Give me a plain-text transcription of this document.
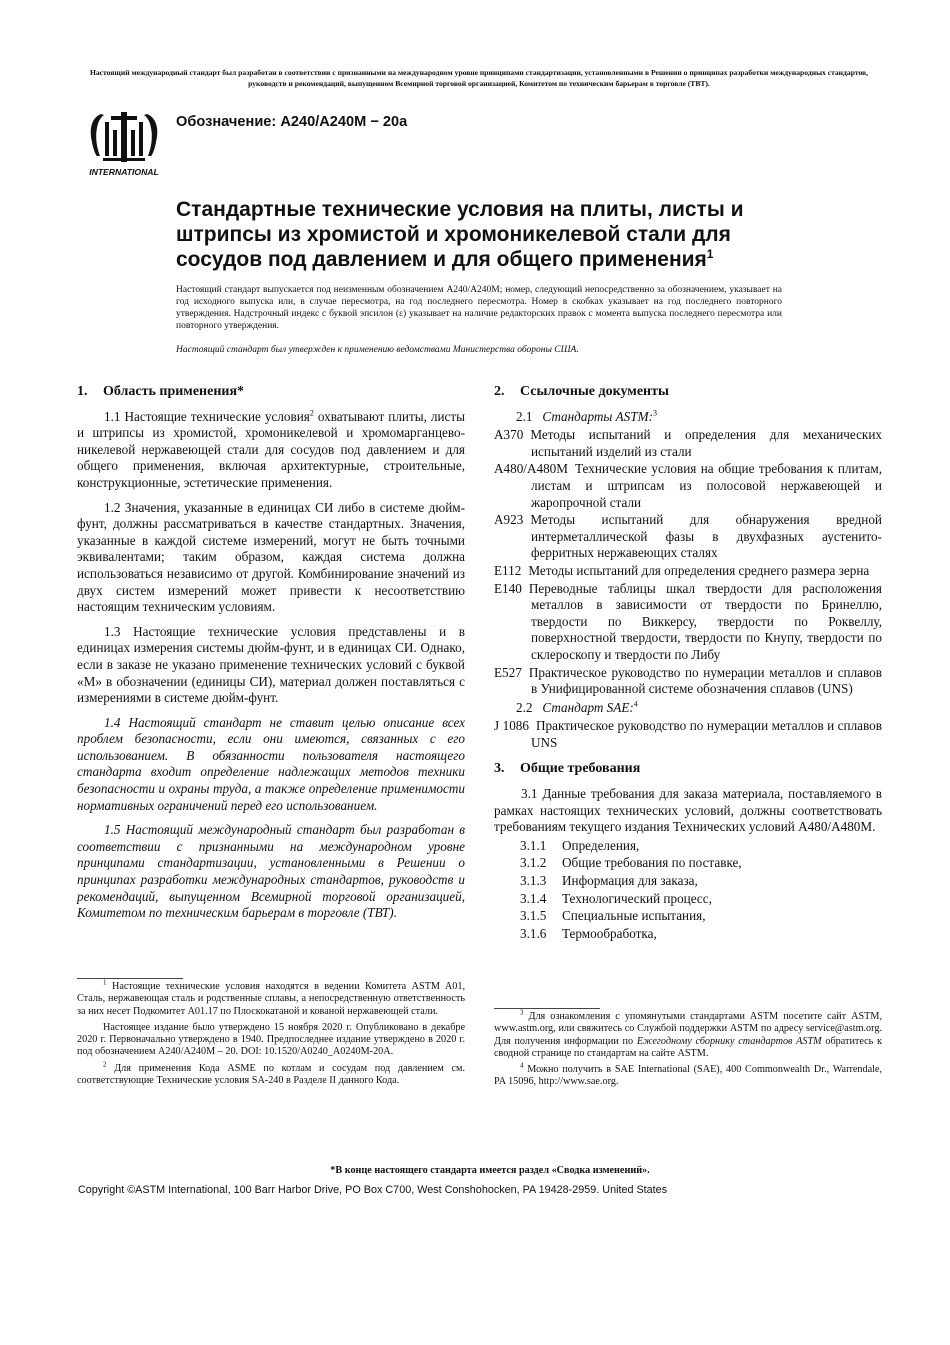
Настоящий международный стандарт был разработан в соответствии с признанными на международном уровне принципами стандартизации, установленными в Решении о принципах разработки международных стандартов, руководств и рекомендаций, выпущенном Всемирной торговой организацией, Комитетом по техническим барьерам в торговле (ТВТ).
INTERNATIONAL
Обозначение: A240/A240M − 20a
Стандартные технические условия на плиты, листы и штрипсы из хромистой и хромоникелевой стали для сосудов под давлением и для общего применения$^1$
Настоящий стандарт выпускается под неизменным обозначением A240/A240M; номер, следующий непосредственно за обозначением, указывает на год исходного выпуска или, в случае пересмотра, на год последнего пересмотра. Номер в скобках указывает на год последнего повторного утверждения. Надстрочный индекс с буквой эпсилон (ε) указывает на наличие редакторских правок с момента выпуска последнего пересмотра или повторного утверждения.
Настоящий стандарт был утвержден к применению ведомствами Министерства обороны США.
1. Область применения*

1.1 Настоящие технические условия$^2$ охватывают плиты, листы и штрипсы из хромистой, хромоникелевой и хромомарганцево-никелевой нержавеющей стали для сосудов под давлением и для общего применения, включая архитектурные, строительные, конструкционные, эстетические применения.

1.2 Значения, указанные в единицах СИ либо в системе дюйм-фунт, должны рассматриваться в качестве стандартных. Значения, указанные в каждой системе измерений, могут не быть точными эквивалентами; таким образом, каждая система должна использоваться независимо от другой. Комбинирование значений из двух систем измерений может привести к несоответствию настоящим техническим условиям.

1.3 Настоящие технические условия представлены и в единицах измерения системы дюйм-фунт, и в единицах СИ. Однако, если в заказе не указано применение технических условий с буквой «М» в обозначении (единицы СИ), материал должен поставляться с измерениями в системе дюйм-фунт.

1.4 Настоящий стандарт не ставит целью описание всех проблем безопасности, если они имеются, связанных с его использованием. В обязанности пользователя настоящего стандарта входит определение надлежащих методов техники безопасности и охраны труда, а также определение применимости нормативных ограничений перед его использованием.

1.5 Настоящий международный стандарт был разработан в соответствии с признанными на международном уровне принципами стандартизации, установленными в Решении о принципах разработки международных стандартов, руководств и рекомендаций, выпущенном Всемирной торговой организацией, Комитетом по техническим барьерам в торговле (ТВТ).

2. Ссылочные документы
2.1 Стандарты ASTM:$^3$
A370 Методы испытаний и определения для механических испытаний изделий из стали
A480/A480M Технические условия на общие требования к плитам, листам и штрипсам из полосовой нержавеющей и жаропрочной стали
A923 Методы испытаний для обнаружения вредной интерметаллической фазы в двухфазных аустенито-ферритных нержавеющих сталях
E112 Методы испытаний для определения среднего размера зерна
E140 Переводные таблицы шкал твердости для расположения металлов в зависимости от твердости по Бринеллю, твердости по Виккерсу, твердости по Роквеллу, поверхностной твердости, твердости по Кнупу, твердости по склероскопу и твердости по Либу
E527 Практическое руководство по нумерации металлов и сплавов в Унифицированной системе обозначения сплавов (UNS)
2.2 Стандарт SAE:$^4$
J 1086 Практическое руководство по нумерации металлов и сплавов UNS
3. Общие требования

3.1 Данные требования для заказа материала, поставляемого в рамках настоящих технических условий, должны соответствовать требованиям текущего издания Технических условий A480/A480M.

3.1.1 Определения,
3.1.2 Общие требования по поставке,
3.1.3 Информация для заказа,
3.1.4 Технологический процесс,
3.1.5 Специальные испытания,
3.1.6 Термообработка,

$^1$ Настоящие технические условия находятся в ведении Комитета ASTM A01, Сталь, нержавеющая сталь и родственные сплавы, а непосредственную ответственность за них несет Подкомитет A01.17 по Плоскокатаной и кованой нержавеющей стали.

Настоящее издание было утверждено 15 ноября 2020 г. Опубликовано в декабре 2020 г. Первоначально утверждено в 1940. Предпоследнее издание утверждено в 2020 г. под обозначением A240/A240M – 20. DOI: 10.1520/A0240_A0240M-20A.

$^2$ Для применения Кода ASME по котлам и сосудам под давлением см. соответствующие Технические условия SA-240 в Разделе II данного Кода.

$^3$ Для ознакомления с упомянутыми стандартами ASTM посетите сайт ASTM, www.astm.org, или свяжитесь со Службой поддержки ASTM по адресу service@astm.org. Для получения информации по Ежегодному сборнику стандартов ASTM обратитесь к сводной странице по стандартам на сайте ASTM.

$^4$ Можно получить в SAE International (SAE), 400 Commonwealth Dr., Warrendale, PA 15096, http://www.sae.org.

*В конце настоящего стандарта имеется раздел «Сводка изменений».
Copyright ©ASTM International, 100 Barr Harbor Drive, PO Box C700, West Conshohocken, PA 19428-2959. United States
